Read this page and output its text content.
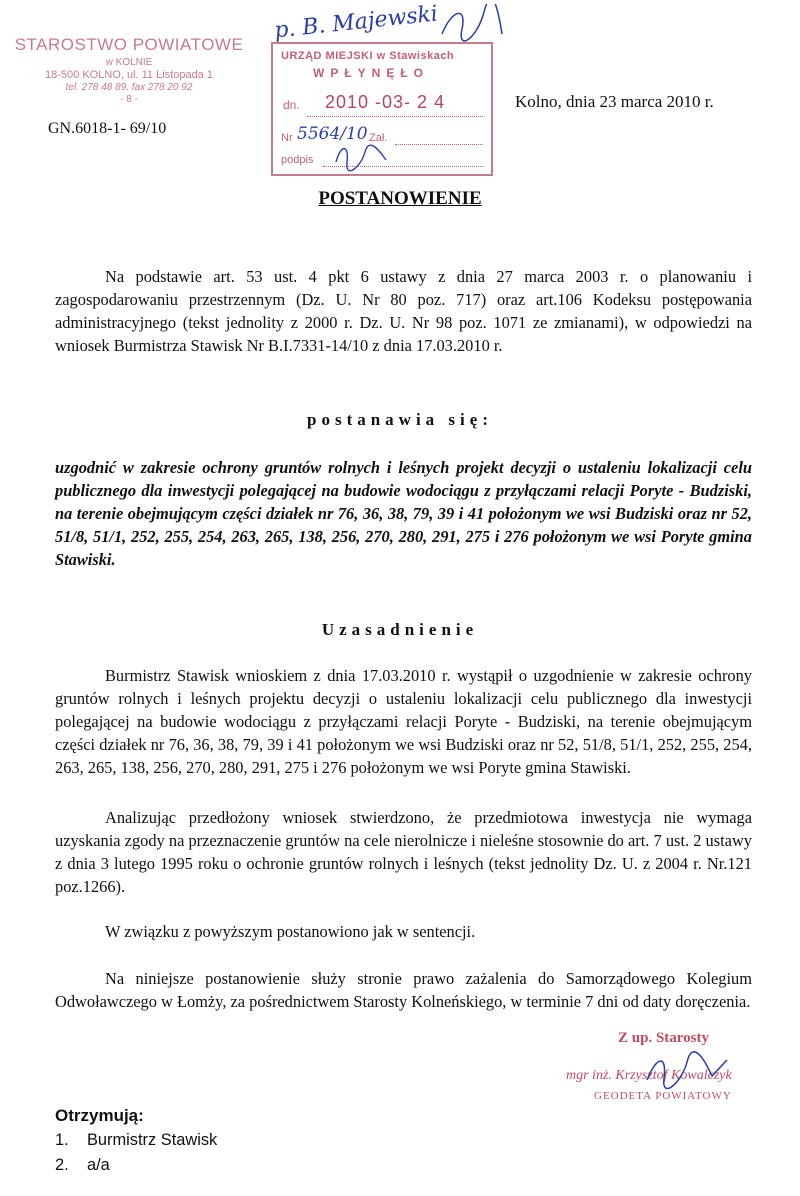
STAROSTWO POWIATOWE
w KOLNIE
18-500 KOLNO, ul. 11 Listopada 1
tel. 278 48 89, fax 278 20 92
- 8 -
GN.6018-1- 69/10
p. B. Majewski
URZĄD MIEJSKI w Stawiskach
WPŁYNĘŁO
dn. 2010 -03- 2 4
Nr 5564/10 Zał.
podpis
Kolno, dnia 23 marca 2010 r.
POSTANOWIENIE
Na podstawie art. 53 ust. 4 pkt 6 ustawy z dnia 27 marca 2003 r. o planowaniu i zagospodarowaniu przestrzennym (Dz. U. Nr 80 poz. 717) oraz art.106 Kodeksu postępowania administracyjnego (tekst jednolity z 2000 r. Dz. U. Nr 98 poz. 1071 ze zmianami), w odpowiedzi na wniosek Burmistrza Stawisk Nr B.I.7331-14/10 z dnia 17.03.2010 r.
postanawia się:
uzgodnić w zakresie ochrony gruntów rolnych i leśnych projekt decyzji o ustaleniu lokalizacji celu publicznego dla inwestycji polegającej na budowie wodociągu z przyłączami relacji Poryte - Budziski, na terenie obejmującym części działek nr 76, 36, 38, 79, 39 i 41 położonym we wsi Budziski oraz nr 52, 51/8, 51/1, 252, 255, 254, 263, 265, 138, 256, 270, 280, 291, 275 i 276 położonym we wsi Poryte gmina Stawiski.
Uzasadnienie
Burmistrz Stawisk wnioskiem z dnia 17.03.2010 r. wystąpił o uzgodnienie w zakresie ochrony gruntów rolnych i leśnych projektu decyzji o ustaleniu lokalizacji celu publicznego dla inwestycji polegającej na budowie wodociągu z przyłączami relacji Poryte - Budziski, na terenie obejmującym części działek nr 76, 36, 38, 79, 39 i 41 położonym we wsi Budziski oraz nr 52, 51/8, 51/1, 252, 255, 254, 263, 265, 138, 256, 270, 280, 291, 275 i 276 położonym we wsi Poryte gmina Stawiski.
Analizując przedłożony wniosek stwierdzono, że przedmiotowa inwestycja nie wymaga uzyskania zgody na przeznaczenie gruntów na cele nierolnicze i nieleśne stosownie do art. 7 ust. 2 ustawy z dnia 3 lutego 1995 roku o ochronie gruntów rolnych i leśnych (tekst jednolity Dz. U. z 2004 r. Nr.121 poz.1266).
W związku z powyższym postanowiono jak w sentencji.
Na niniejsze postanowienie służy stronie prawo zażalenia do Samorządowego Kolegium Odwoławczego w Łomży, za pośrednictwem Starosty Kolneńskiego, w terminie 7 dni od daty doręczenia.
Z up. Starosty
mgr inż. Krzysztof Kowalczyk
GEODETA POWIATOWY
Otrzymują:
1. Burmistrz Stawisk
2. a/a
